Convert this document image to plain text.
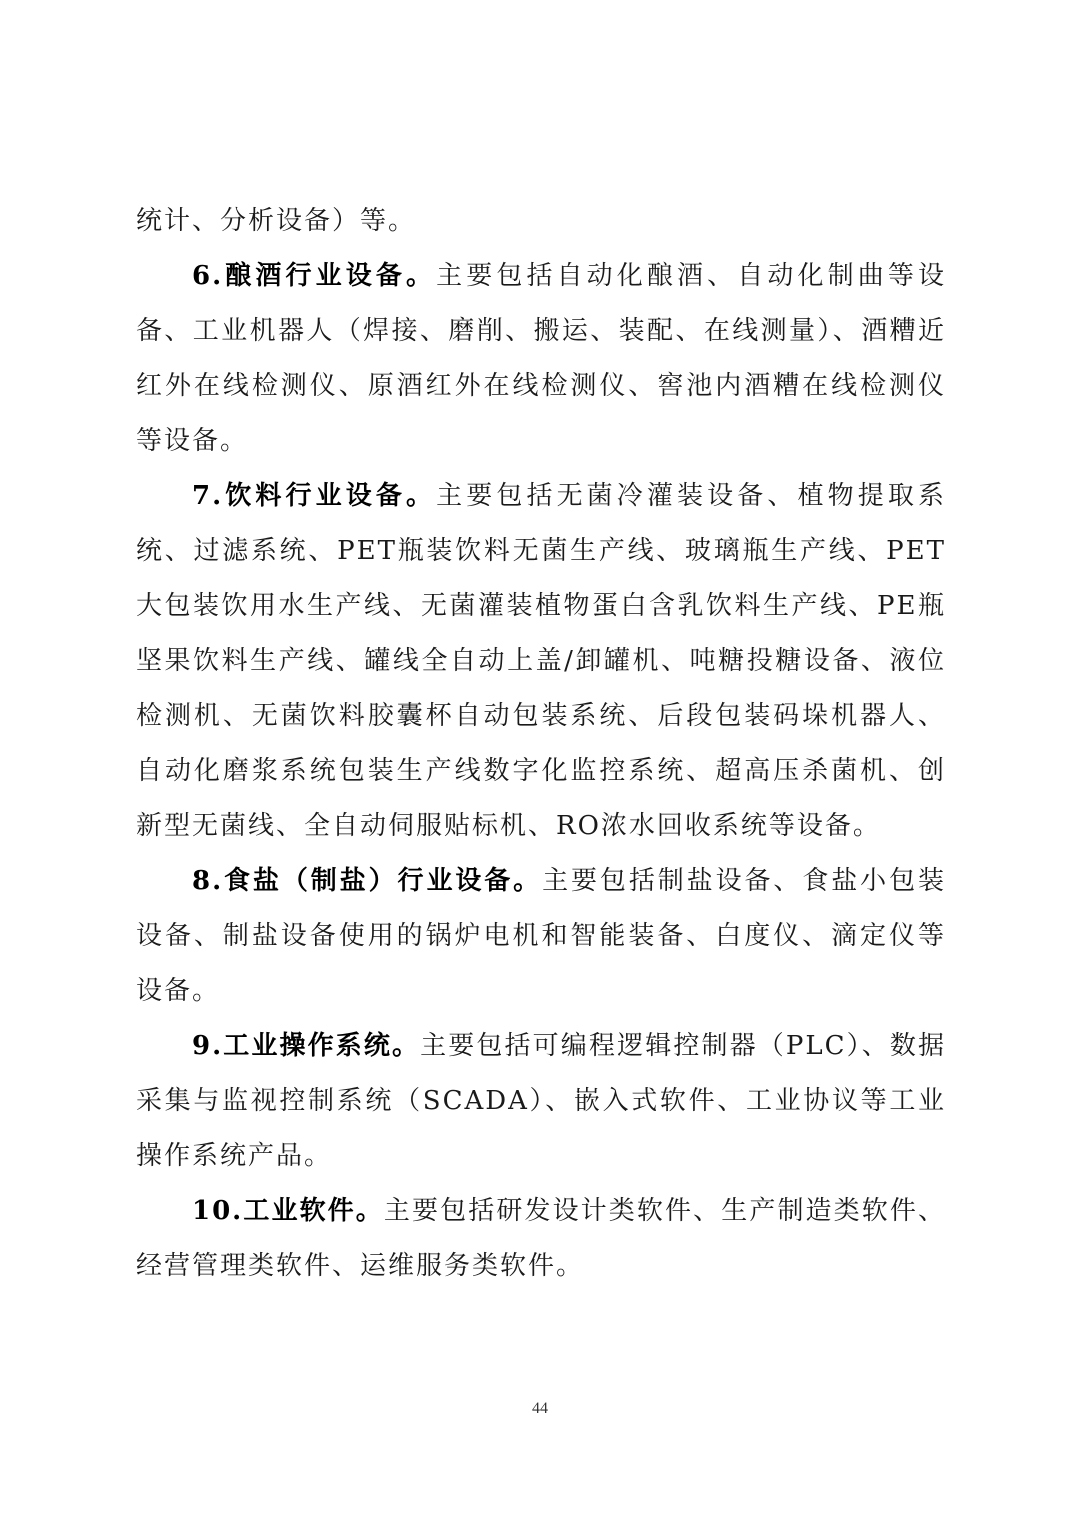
统计、分析设备）等。

6.酿酒行业设备。主要包括自动化酿酒、自动化制曲等设备、工业机器人（焊接、磨削、搬运、装配、在线测量）、酒糟近红外在线检测仪、原酒红外在线检测仪、窖池内酒糟在线检测仪等设备。

7.饮料行业设备。主要包括无菌冷灌装设备、植物提取系统、过滤系统、PET瓶装饮料无菌生产线、玻璃瓶生产线、PET大包装饮用水生产线、无菌灌装植物蛋白含乳饮料生产线、PE瓶坚果饮料生产线、罐线全自动上盖/卸罐机、吨糖投糖设备、液位检测机、无菌饮料胶囊杯自动包装系统、后段包装码垛机器人、自动化磨浆系统包装生产线数字化监控系统、超高压杀菌机、创新型无菌线、全自动伺服贴标机、RO浓水回收系统等设备。

8.食盐（制盐）行业设备。主要包括制盐设备、食盐小包装设备、制盐设备使用的锅炉电机和智能装备、白度仪、滴定仪等设备。

9.工业操作系统。主要包括可编程逻辑控制器（PLC）、数据采集与监视控制系统（SCADA）、嵌入式软件、工业协议等工业操作系统产品。

10.工业软件。主要包括研发设计类软件、生产制造类软件、经营管理类软件、运维服务类软件。

44
